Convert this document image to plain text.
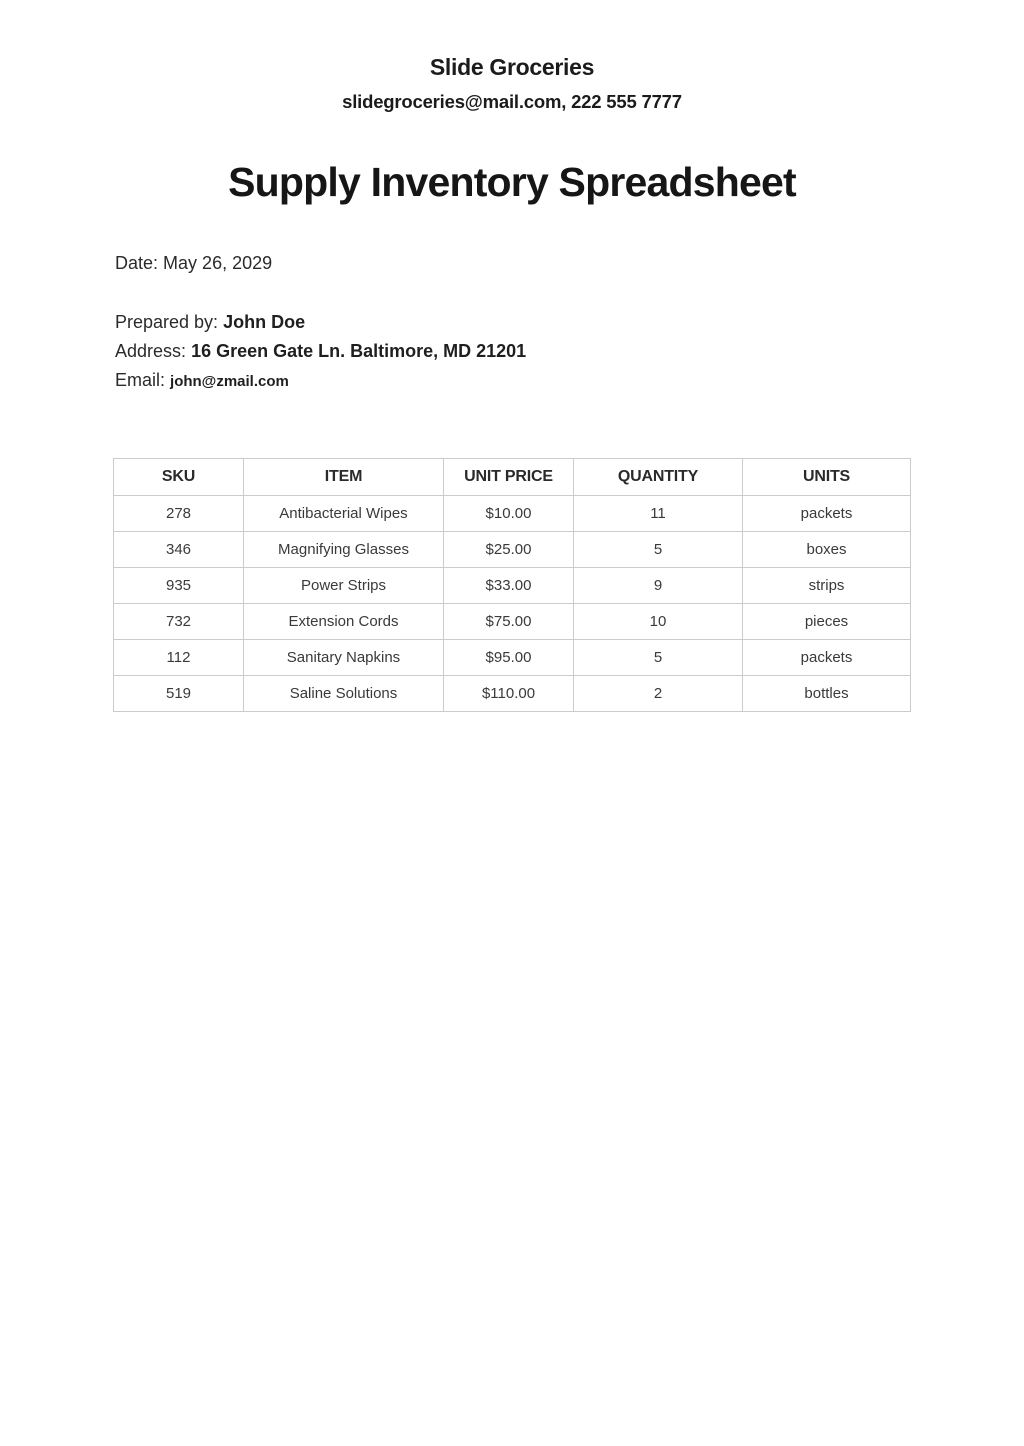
Slide Groceries
slidegroceries@mail.com, 222 555 7777
Supply Inventory Spreadsheet
Date: May 26, 2029
Prepared by: John Doe
Address: 16 Green Gate Ln. Baltimore, MD 21201
Email: john@zmail.com
SKU	ITEM	UNIT PRICE	QUANTITY	UNITS
278	Antibacterial Wipes	$10.00	11	packets
346	Magnifying Glasses	$25.00	5	boxes
935	Power Strips	$33.00	9	strips
732	Extension Cords	$75.00	10	pieces
112	Sanitary Napkins	$95.00	5	packets
519	Saline Solutions	$110.00	2	bottles
